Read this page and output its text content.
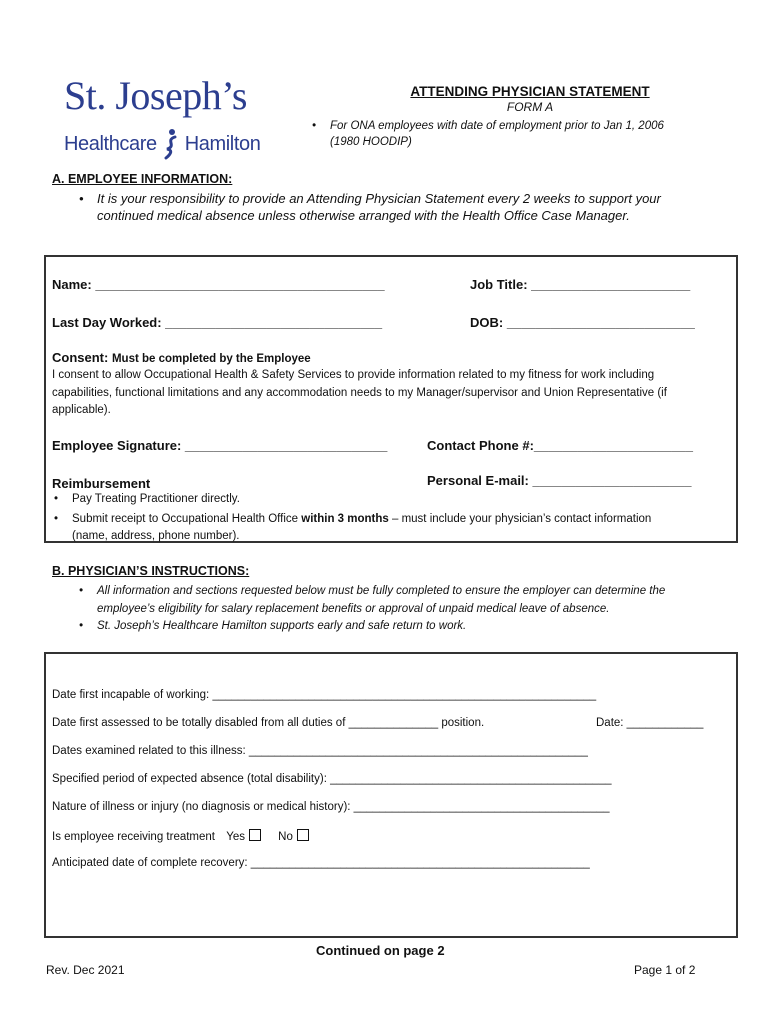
St. Joseph’s
Healthcare Hamilton
ATTENDING PHYSICIAN STATEMENT
FORM A
• For ONA employees with date of employment prior to Jan 1, 2006
(1980 HOODIP)
A. EMPLOYEE INFORMATION:
• It is your responsibility to provide an Attending Physician Statement every 2 weeks to support your
continued medical absence unless otherwise arranged with the Health Office Case Manager.
Name: ________________________________________	Job Title: ______________________
Last Day Worked: ______________________________	DOB: __________________________
Consent: Must be completed by the Employee
I consent to allow Occupational Health & Safety Services to provide information related to my fitness for work including
capabilities, functional limitations and any accommodation needs to my Manager/supervisor and Union Representative (if
applicable).
Employee Signature: ____________________________	Contact Phone #:______________________
Reimbursement	Personal E-mail: ______________________
• Pay Treating Practitioner directly.
• Submit receipt to Occupational Health Office within 3 months – must include your physician’s contact information
(name, address, phone number).
B. PHYSICIAN’S INSTRUCTIONS:
• All information and sections requested below must be fully completed to ensure the employer can determine the
employee’s eligibility for salary replacement benefits or approval of unpaid medical leave of absence.
• St. Joseph’s Healthcare Hamilton supports early and safe return to work.
Date first incapable of working: ____________________________________________________________
Date first assessed to be totally disabled from all duties of ______________ position.	Date: ____________
Dates examined related to this illness: _____________________________________________________
Specified period of expected absence (total disability): ____________________________________________
Nature of illness or injury (no diagnosis or medical history): ________________________________________
Is employee receiving treatment Yes	No
Anticipated date of complete recovery: _____________________________________________________
Continued on page 2
Rev. Dec 2021	Page 1 of 2
